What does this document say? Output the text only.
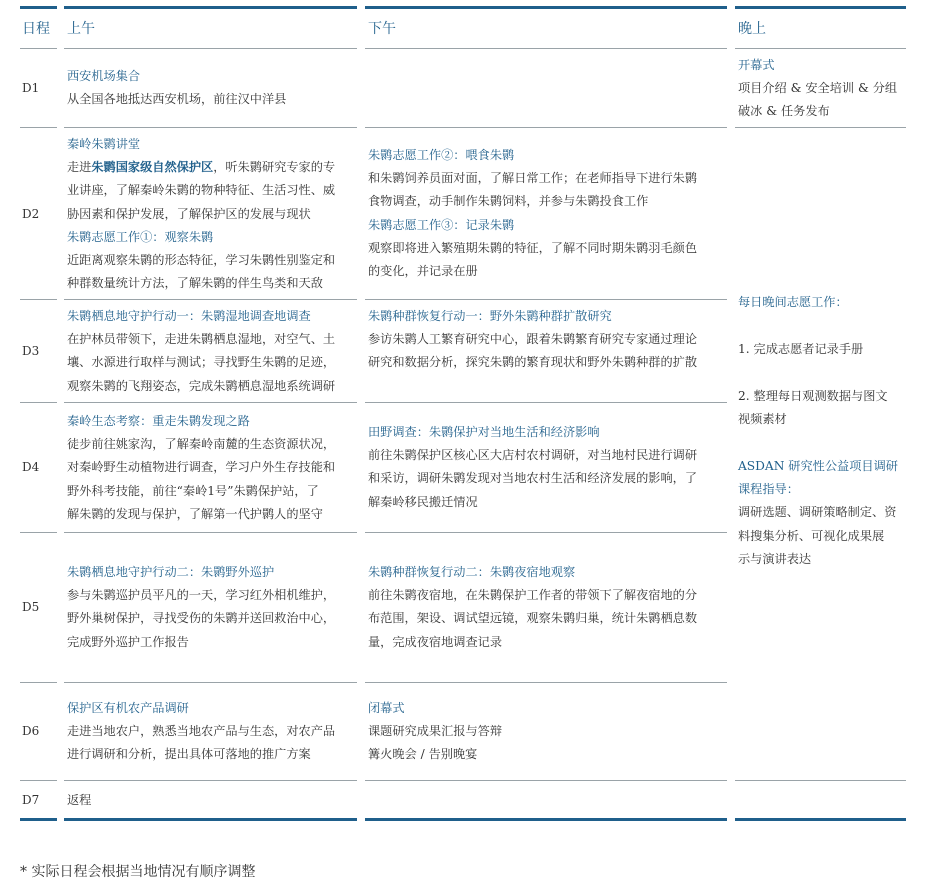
日程 上午	下午	晚上
D1
西安机场集合
从全国各地抵达西安机场，前往汉中洋县
开幕式
项目介绍 & 安全培训 & 分组
破冰 & 任务发布
D2
秦岭朱鹮讲堂
走进朱鹮国家级自然保护区，听朱鹮研究专家的专
业讲座，了解秦岭朱鹮的物种特征、生活习性、威
胁因素和保护发展，了解保护区的发展与现状
朱鹮志愿工作①：观察朱鹮
近距离观察朱鹮的形态特征，学习朱鹮性别鉴定和
种群数量统计方法，了解朱鹮的伴生鸟类和天敌
朱鹮志愿工作②：喂食朱鹮
和朱鹮饲养员面对面，了解日常工作；在老师指导下进行朱鹮
食物调查，动手制作朱鹮饲料，并参与朱鹮投食工作
朱鹮志愿工作③：记录朱鹮
观察即将进入繁殖期朱鹮的特征，了解不同时期朱鹮羽毛颜色
的变化，并记录在册
D3
朱鹮栖息地守护行动一：朱鹮湿地调查地调查
在护林员带领下，走进朱鹮栖息湿地，对空气、土
壤、水源进行取样与测试；寻找野生朱鹮的足迹，
观察朱鹮的飞翔姿态，完成朱鹮栖息湿地系统调研
朱鹮种群恢复行动一：野外朱鹮种群扩散研究
参访朱鹮人工繁育研究中心，跟着朱鹮繁育研究专家通过理论
研究和数据分析，探究朱鹮的繁育现状和野外朱鹮种群的扩散
D4
秦岭生态考察：重走朱鹮发现之路
徒步前往姚家沟，了解秦岭南麓的生态资源状况，
对秦岭野生动植物进行调查，学习户外生存技能和
野外科考技能，前往“秦岭1号”朱鹮保护站，了
解朱鹮的发现与保护，了解第一代护鹮人的坚守
田野调查：朱鹮保护对当地生活和经济影响
前往朱鹮保护区核心区大店村农村调研，对当地村民进行调研
和采访，调研朱鹮发现对当地农村生活和经济发展的影响，了
解秦岭移民搬迁情况
D5
朱鹮栖息地守护行动二：朱鹮野外巡护
参与朱鹮巡护员平凡的一天，学习红外相机维护，
野外巢树保护，寻找受伤的朱鹮并送回救治中心，
完成野外巡护工作报告
朱鹮种群恢复行动二：朱鹮夜宿地观察
前往朱鹮夜宿地，在朱鹮保护工作者的带领下了解夜宿地的分
布范围，架设、调试望远镜，观察朱鹮归巢，统计朱鹮栖息数
量，完成夜宿地调查记录
D6
保护区有机农产品调研
走进当地农户，熟悉当地农产品与生态，对农产品
进行调研和分析，提出具体可落地的推广方案
闭幕式
课题研究成果汇报与答辩
篝火晚会 / 告别晚宴
D7 返程
每日晚间志愿工作：
1. 完成志愿者记录手册
2. 整理每日观测数据与图文
视频素材
ASDAN 研究性公益项目调研
课程指导：
调研选题、调研策略制定、资
料搜集分析、可视化成果展
示与演讲表达
* 实际日程会根据当地情况有顺序调整
